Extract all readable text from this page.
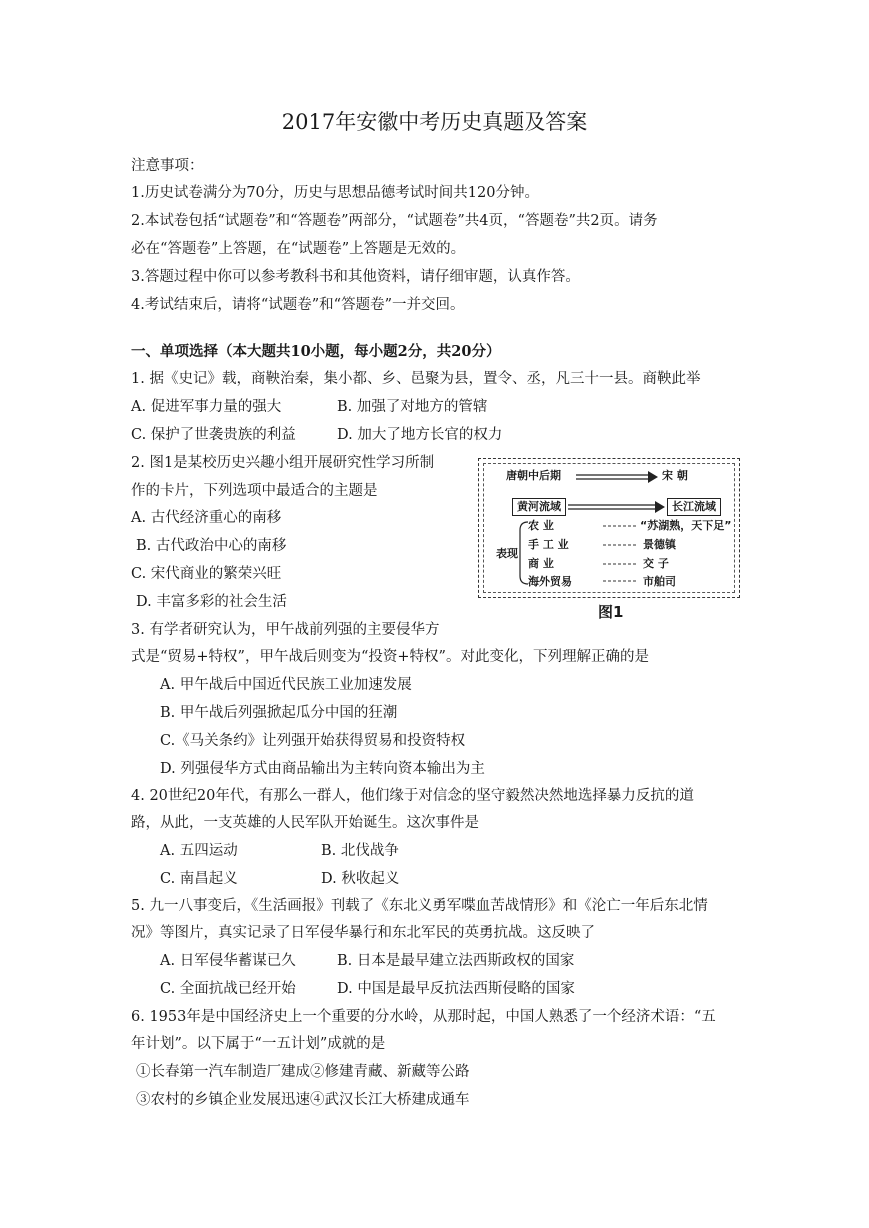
2017年安徽中考历史真题及答案
注意事项：
1.历史试卷满分为70分，历史与思想品德考试时间共120分钟。
2.本试卷包括“试题卷”和“答题卷”两部分，“试题卷”共4页，“答题卷”共2页。请务
必在“答题卷”上答题，在“试题卷”上答题是无效的。
3.答题过程中你可以参考教科书和其他资料，请仔细审题，认真作答。
4.考试结束后，请将“试题卷”和“答题卷”一并交回。
一、单项选择（本大题共10小题，每小题2分，共20分）
1. 据《史记》载，商鞅治秦，集小都、乡、邑聚为县，置令、丞，凡三十一县。商鞅此举
A. 促进军事力量的强大	B. 加强了对地方的管辖
C. 保护了世袭贵族的利益	D. 加大了地方长官的权力
2. 图1是某校历史兴趣小组开展研究性学习所制
作的卡片，下列选项中最适合的主题是
A. 古代经济重心的南移
B. 古代政治中心的南移
C. 宋代商业的繁荣兴旺
D. 丰富多彩的社会生活
唐朝中后期	宋 朝
黄河流域	长江流域
表现
农 业
手 工 业
商 业
海外贸易
“苏湖熟，天下足”
景德镇
交 子
市舶司
图1
3. 有学者研究认为，甲午战前列强的主要侵华方
式是“贸易+特权”，甲午战后则变为“投资+特权”。对此变化，下列理解正确的是
A. 甲午战后中国近代民族工业加速发展
B. 甲午战后列强掀起瓜分中国的狂潮
C.《马关条约》让列强开始获得贸易和投资特权
D. 列强侵华方式由商品输出为主转向资本输出为主
4. 20世纪20年代，有那么一群人，他们缘于对信念的坚守毅然决然地选择暴力反抗的道
路，从此，一支英雄的人民军队开始诞生。这次事件是
A. 五四运动	B. 北伐战争
C. 南昌起义	D. 秋收起义
5. 九一八事变后，《生活画报》刊载了《东北义勇军喋血苦战情形》和《沦亡一年后东北情
况》等图片，真实记录了日军侵华暴行和东北军民的英勇抗战。这反映了
A. 日军侵华蓄谋已久	B. 日本是最早建立法西斯政权的国家
C. 全面抗战已经开始	D. 中国是最早反抗法西斯侵略的国家
6. 1953年是中国经济史上一个重要的分水岭，从那时起，中国人熟悉了一个经济术语：“五
年计划”。以下属于“一五计划”成就的是
①长春第一汽车制造厂建成②修建青藏、新藏等公路
③农村的乡镇企业发展迅速④武汉长江大桥建成通车
